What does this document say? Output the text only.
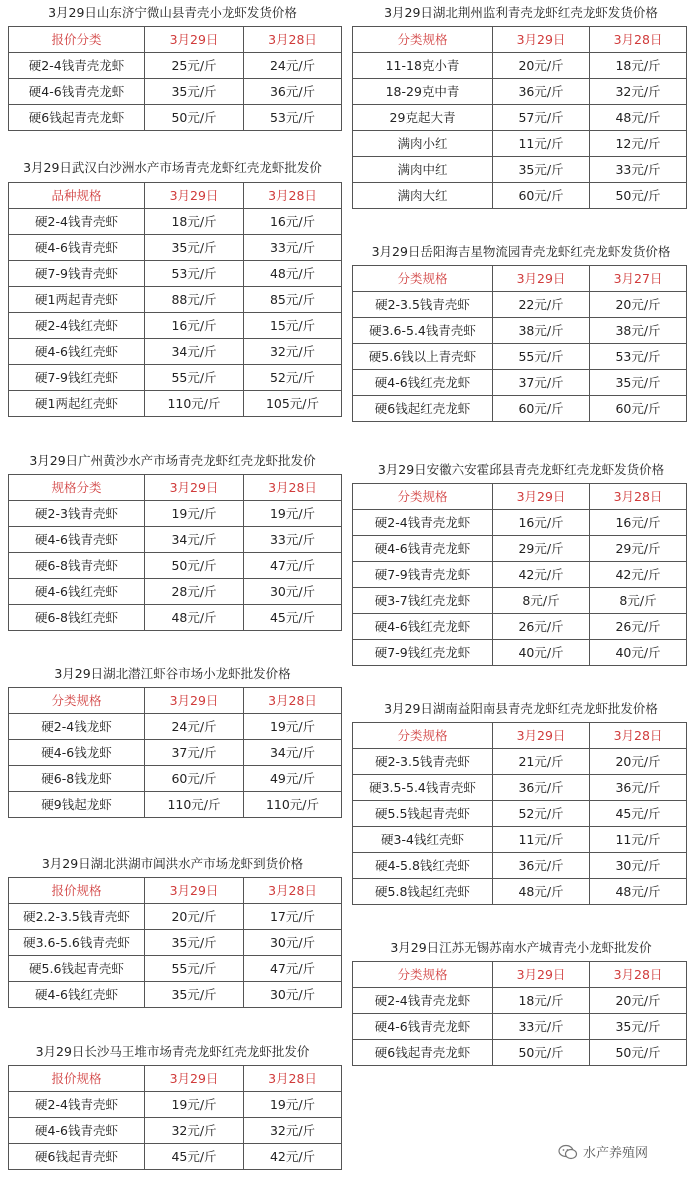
3月29日山东济宁微山县青壳小龙虾发货价格
报价分类	3月29日	3月28日
硬2-4钱青壳龙虾	25元/斤	24元/斤
硬4-6钱青壳龙虾	35元/斤	36元/斤
硬6钱起青壳龙虾	50元/斤	53元/斤
3月29日武汉白沙洲水产市场青壳龙虾红壳龙虾批发价
品种规格	3月29日	3月28日
硬2-4钱青壳虾	18元/斤	16元/斤
硬4-6钱青壳虾	35元/斤	33元/斤
硬7-9钱青壳虾	53元/斤	48元/斤
硬1两起青壳虾	88元/斤	85元/斤
硬2-4钱红壳虾	16元/斤	15元/斤
硬4-6钱红壳虾	34元/斤	32元/斤
硬7-9钱红壳虾	55元/斤	52元/斤
硬1两起红壳虾	110元/斤	105元/斤
3月29日广州黄沙水产市场青壳龙虾红壳龙虾批发价
规格分类	3月29日	3月28日
硬2-3钱青壳虾	19元/斤	19元/斤
硬4-6钱青壳虾	34元/斤	33元/斤
硬6-8钱青壳虾	50元/斤	47元/斤
硬4-6钱红壳虾	28元/斤	30元/斤
硬6-8钱红壳虾	48元/斤	45元/斤
3月29日湖北潜江虾谷市场小龙虾批发价格
分类规格	3月29日	3月28日
硬2-4钱龙虾	24元/斤	19元/斤
硬4-6钱龙虾	37元/斤	34元/斤
硬6-8钱龙虾	60元/斤	49元/斤
硬9钱起龙虾	110元/斤	110元/斤
3月29日湖北洪湖市阊洪水产市场龙虾到货价格
报价规格	3月29日	3月28日
硬2.2-3.5钱青壳虾	20元/斤	17元/斤
硬3.6-5.6钱青壳虾	35元/斤	30元/斤
硬5.6钱起青壳虾	55元/斤	47元/斤
硬4-6钱红壳虾	35元/斤	30元/斤
3月29日长沙马王堆市场青壳龙虾红壳龙虾批发价
报价规格	3月29日	3月28日
硬2-4钱青壳虾	19元/斤	19元/斤
硬4-6钱青壳虾	32元/斤	32元/斤
硬6钱起青壳虾	45元/斤	42元/斤
3月29日湖北荆州监利青壳龙虾红壳龙虾发货价格
分类规格	3月29日	3月28日
11-18克小青	20元/斤	18元/斤
18-29克中青	36元/斤	32元/斤
29克起大青	57元/斤	48元/斤
满肉小红	11元/斤	12元/斤
满肉中红	35元/斤	33元/斤
满肉大红	60元/斤	50元/斤
3月29日岳阳海吉星物流园青壳龙虾红壳龙虾发货价格
分类规格	3月29日	3月27日
硬2-3.5钱青壳虾	22元/斤	20元/斤
硬3.6-5.4钱青壳虾	38元/斤	38元/斤
硬5.6钱以上青壳虾	55元/斤	53元/斤
硬4-6钱红壳龙虾	37元/斤	35元/斤
硬6钱起红壳龙虾	60元/斤	60元/斤
3月29日安徽六安霍邱县青壳龙虾红壳龙虾发货价格
分类规格	3月29日	3月28日
硬2-4钱青壳龙虾	16元/斤	16元/斤
硬4-6钱青壳龙虾	29元/斤	29元/斤
硬7-9钱青壳龙虾	42元/斤	42元/斤
硬3-7钱红壳龙虾	8元/斤	8元/斤
硬4-6钱红壳龙虾	26元/斤	26元/斤
硬7-9钱红壳龙虾	40元/斤	40元/斤
3月29日湖南益阳南县青壳龙虾红壳龙虾批发价格
分类规格	3月29日	3月28日
硬2-3.5钱青壳虾	21元/斤	20元/斤
硬3.5-5.4钱青壳虾	36元/斤	36元/斤
硬5.5钱起青壳虾	52元/斤	45元/斤
硬3-4钱红壳虾	11元/斤	11元/斤
硬4-5.8钱红壳虾	36元/斤	30元/斤
硬5.8钱起红壳虾	48元/斤	48元/斤
3月29日江苏无锡苏南水产城青壳小龙虾批发价
分类规格	3月29日	3月28日
硬2-4钱青壳龙虾	18元/斤	20元/斤
硬4-6钱青壳龙虾	33元/斤	35元/斤
硬6钱起青壳龙虾	50元/斤	50元/斤
水产养殖网
